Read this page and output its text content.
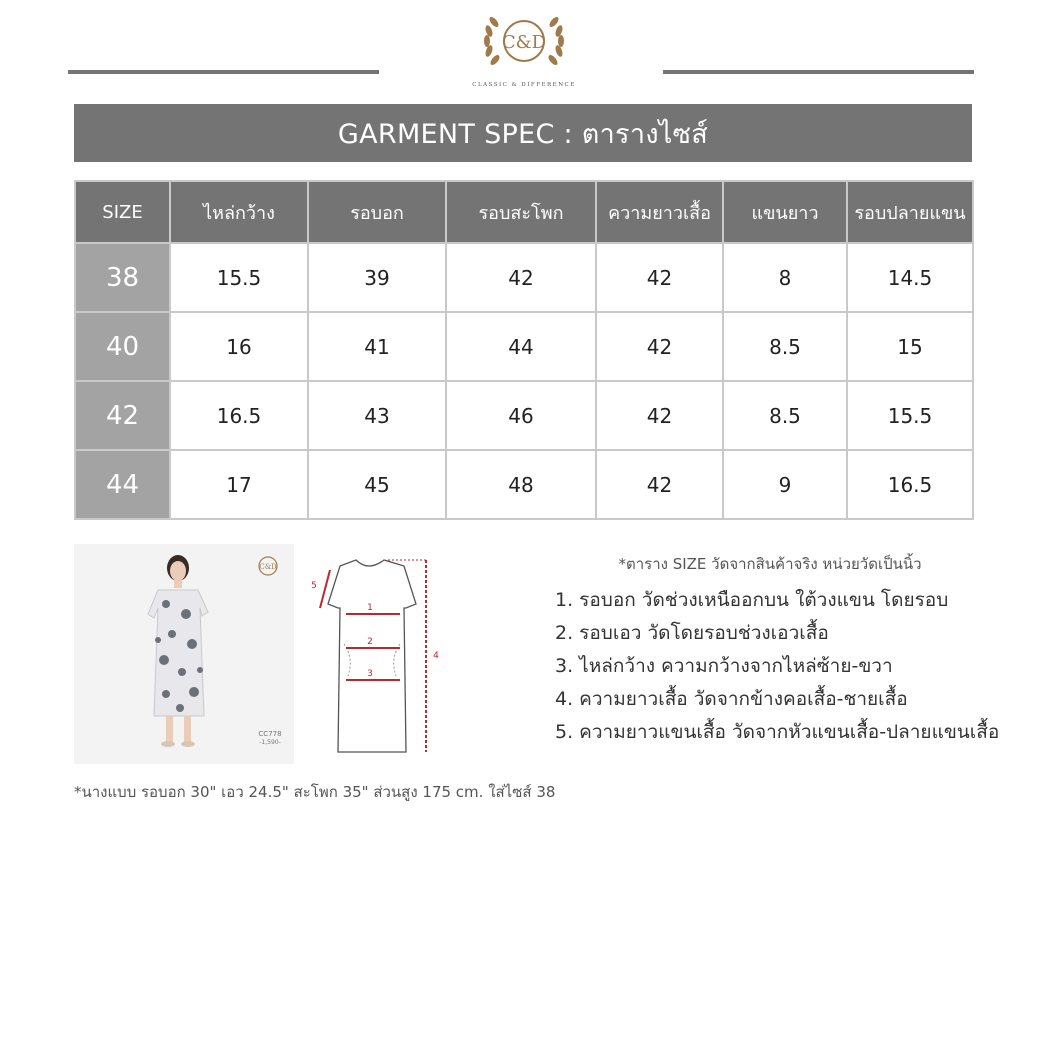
C&D
CLASSIC & DIFFERENCE
GARMENT SPEC : ตารางไซส์
SIZE	ไหล่กว้าง	รอบอก	รอบสะโพก	ความยาวเสื้อ	แขนยาว	รอบปลายแขน
38	15.5	39	42	42	8	14.5
40	16	41	44	42	8.5	15
42	16.5	43	46	42	8.5	15.5
44	17	45	48	42	9	16.5
C&D
CC778
-1,590-
1
2
3
4
5
*ตาราง SIZE วัดจากสินค้าจริง หน่วยวัดเป็นนิ้ว
1. รอบอก วัดช่วงเหนืออกบน ใต้วงแขน โดยรอบ
2. รอบเอว วัดโดยรอบช่วงเอวเสื้อ
3. ไหล่กว้าง ความกว้างจากไหล่ซ้าย-ขวา
4. ความยาวเสื้อ วัดจากข้างคอเสื้อ-ชายเสื้อ
5. ความยาวแขนเสื้อ วัดจากหัวแขนเสื้อ-ปลายแขนเสื้อ
*นางแบบ รอบอก 30" เอว 24.5" สะโพก 35" ส่วนสูง 175 cm. ใส่ไซส์ 38
